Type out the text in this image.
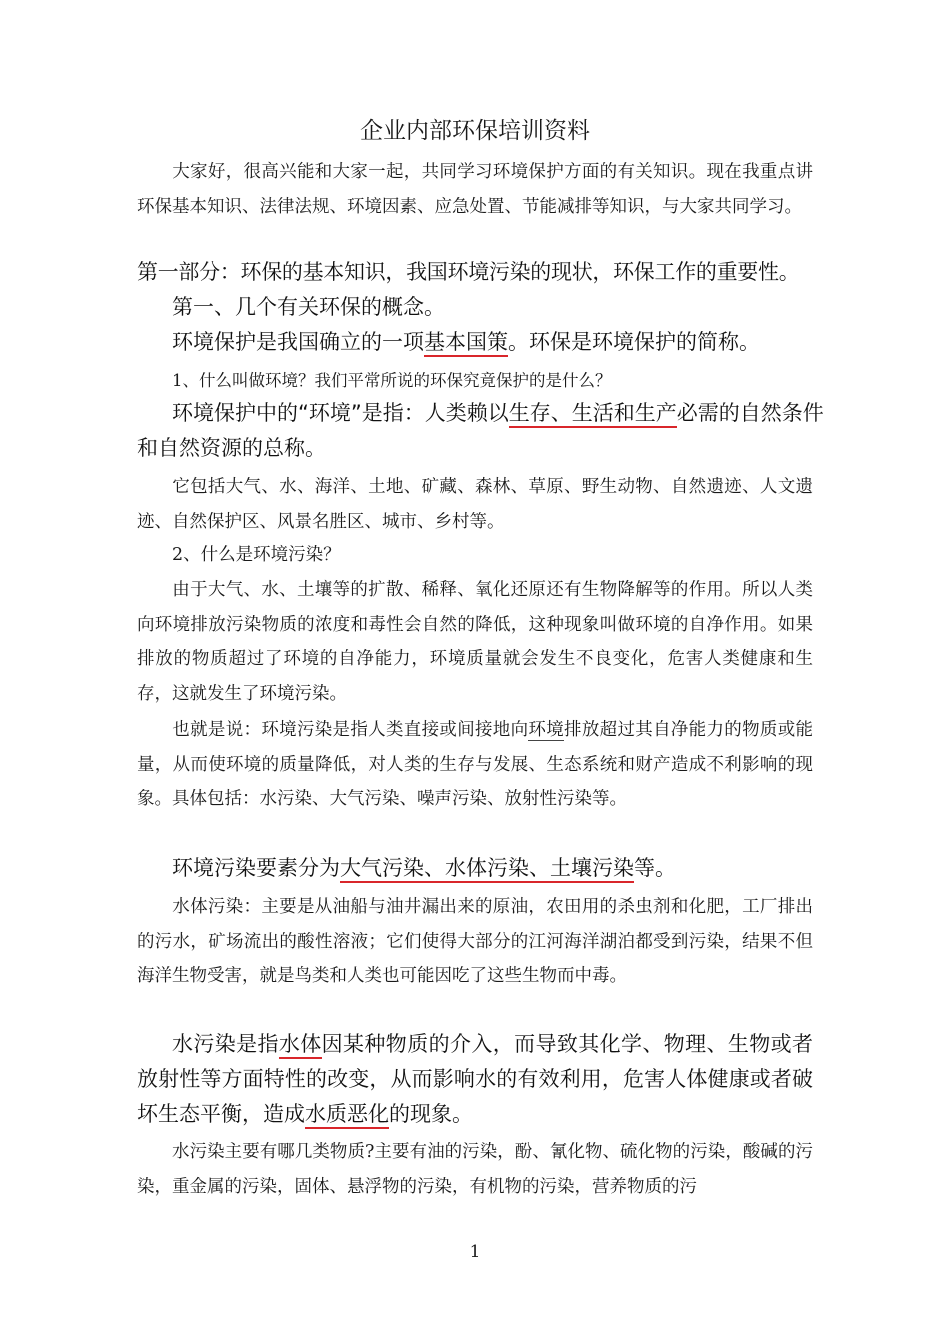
企业内部环保培训资料

大家好，很高兴能和大家一起，共同学习环境保护方面的有关知识。现在我重点讲环保基本知识、法律法规、环境因素、应急处置、节能减排等知识，与大家共同学习。

第一部分：环保的基本知识，我国环境污染的现状，环保工作的重要性。

第一、几个有关环保的概念。

环境保护是我国确立的一项基本国策。环保是环境保护的简称。

1、什么叫做环境？我们平常所说的环保究竟保护的是什么？

环境保护中的“环境”是指：人类赖以生存、生活和生产必需的自然条件和自然资源的总称。

它包括大气、水、海洋、土地、矿藏、森林、草原、野生动物、自然遗迹、人文遗迹、自然保护区、风景名胜区、城市、乡村等。

2、什么是环境污染？

由于大气、水、土壤等的扩散、稀释、氧化还原还有生物降解等的作用。所以人类向环境排放污染物质的浓度和毒性会自然的降低，这种现象叫做环境的自净作用。如果排放的物质超过了环境的自净能力，环境质量就会发生不良变化，危害人类健康和生存，这就发生了环境污染。

也就是说：环境污染是指人类直接或间接地向环境排放超过其自净能力的物质或能量，从而使环境的质量降低，对人类的生存与发展、生态系统和财产造成不利影响的现象。具体包括：水污染、大气污染、噪声污染、放射性污染等。

环境污染要素分为大气污染、水体污染、土壤污染等。

水体污染：主要是从油船与油井漏出来的原油，农田用的杀虫剂和化肥，工厂排出的污水，矿场流出的酸性溶液；它们使得大部分的江河海洋湖泊都受到污染，结果不但海洋生物受害，就是鸟类和人类也可能因吃了这些生物而中毒。

水污染是指水体因某种物质的介入，而导致其化学、物理、生物或者放射性等方面特性的改变，从而影响水的有效利用，危害人体健康或者破坏生态平衡，造成水质恶化的现象。

水污染主要有哪几类物质?主要有油的污染，酚、氰化物、硫化物的污染，酸碱的污染，重金属的污染，固体、悬浮物的污染，有机物的污染，营养物质的污

1
